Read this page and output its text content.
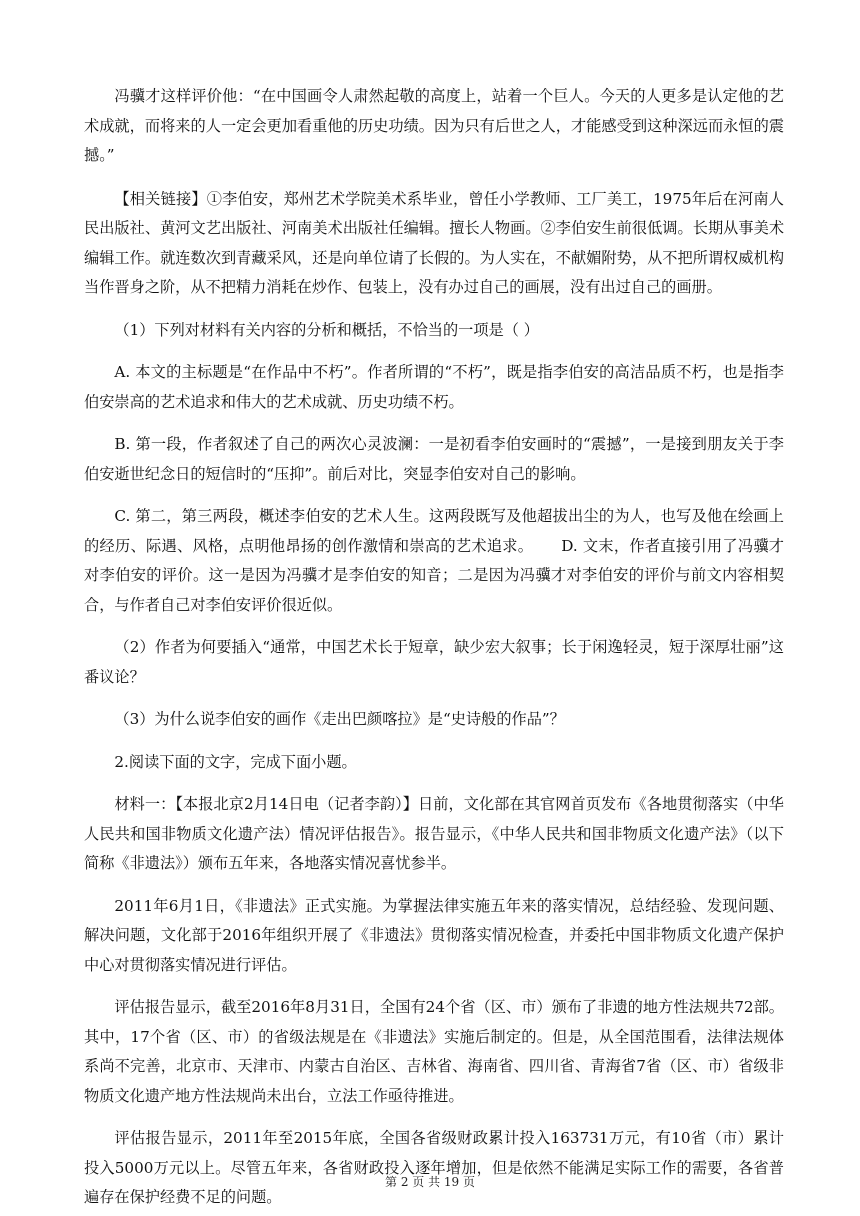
冯骥才这样评价他：“在中国画令人肃然起敬的高度上，站着一个巨人。今天的人更多是认定他的艺术成就，而将来的人一定会更加看重他的历史功绩。因为只有后世之人，才能感受到这种深远而永恒的震撼。”

【相关链接】①李伯安，郑州艺术学院美术系毕业，曾任小学教师、工厂美工，1975年后在河南人民出版社、黄河文艺出版社、河南美术出版社任编辑。擅长人物画。②李伯安生前很低调。长期从事美术编辑工作。就连数次到青藏采风，还是向单位请了长假的。为人实在，不献媚附势，从不把所谓权威机构当作晋身之阶，从不把精力消耗在炒作、包装上，没有办过自己的画展，没有出过自己的画册。

（1）下列对材料有关内容的分析和概括，不恰当的一项是（ ）

A. 本文的主标题是“在作品中不朽”。作者所谓的“不朽”，既是指李伯安的高洁品质不朽，也是指李伯安崇高的艺术追求和伟大的艺术成就、历史功绩不朽。

B. 第一段，作者叙述了自己的两次心灵波澜：一是初看李伯安画时的“震撼”，一是接到朋友关于李伯安逝世纪念日的短信时的“压抑”。前后对比，突显李伯安对自己的影响。

C. 第二，第三两段，概述李伯安的艺术人生。这两段既写及他超拔出尘的为人，也写及他在绘画上的经历、际遇、风格，点明他昂扬的创作激情和崇高的艺术追求。 D. 文末，作者直接引用了冯骥才对李伯安的评价。这一是因为冯骥才是李伯安的知音；二是因为冯骥才对李伯安的评价与前文内容相契合，与作者自己对李伯安评价很近似。

（2）作者为何要插入“通常，中国艺术长于短章，缺少宏大叙事；长于闲逸轻灵，短于深厚壮丽”这番议论？

（3）为什么说李伯安的画作《走出巴颜喀拉》是“史诗般的作品”？

2.阅读下面的文字，完成下面小题。

材料一：【本报北京2月14日电（记者李韵）】日前，文化部在其官网首页发布《各地贯彻落实（中华人民共和国非物质文化遗产法）情况评估报告》。报告显示，《中华人民共和国非物质文化遗产法》（以下简称《非遗法》）颁布五年来，各地落实情况喜忧参半。

2011年6月1日，《非遗法》正式实施。为掌握法律实施五年来的落实情况，总结经验、发现问题、解决问题，文化部于2016年组织开展了《非遗法》贯彻落实情况检查，并委托中国非物质文化遗产保护中心对贯彻落实情况进行评估。

评估报告显示，截至2016年8月31日，全国有24个省（区、市）颁布了非遗的地方性法规共72部。其中，17个省（区、市）的省级法规是在《非遗法》实施后制定的。但是，从全国范围看，法律法规体系尚不完善，北京市、天津市、内蒙古自治区、吉林省、海南省、四川省、青海省7省（区、市）省级非物质文化遗产地方性法规尚未出台，立法工作亟待推进。

评估报告显示，2011年至2015年底，全国各省级财政累计投入163731万元，有10省（市）累计投入5000万元以上。尽管五年来，各省财政投入逐年增加，但是依然不能满足实际工作的需要，各省普遍存在保护经费不足的问题。

第 2 页 共 19 页
